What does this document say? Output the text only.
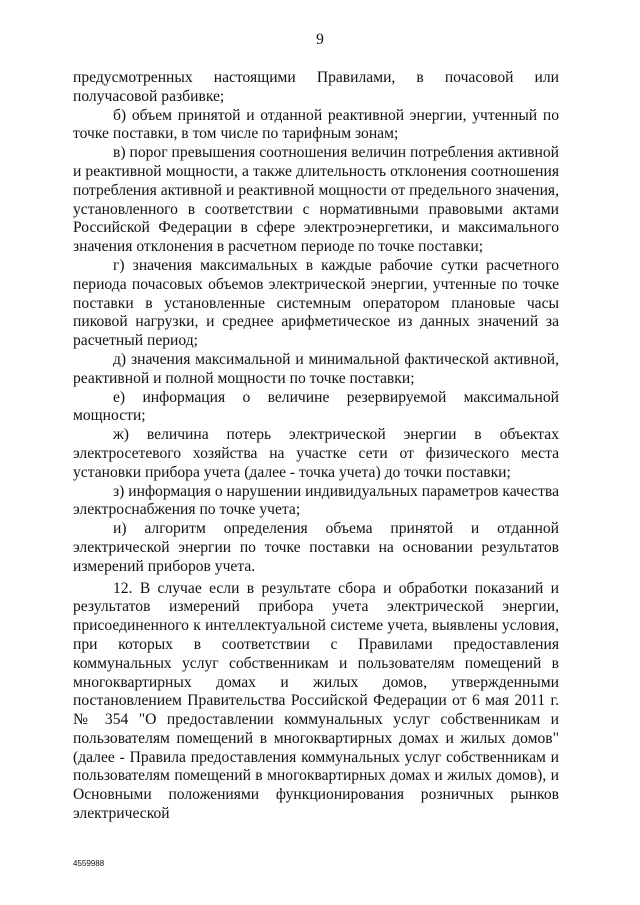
9

предусмотренных настоящими Правилами, в почасовой или получасовой разбивке;

б) объем принятой и отданной реактивной энергии, учтенный по точке поставки, в том числе по тарифным зонам;

в) порог превышения соотношения величин потребления активной и реактивной мощности, а также длительность отклонения соотношения потребления активной и реактивной мощности от предельного значения, установленного в соответствии с нормативными правовыми актами Российской Федерации в сфере электроэнергетики, и максимального значения отклонения в расчетном периоде по точке поставки;

г) значения максимальных в каждые рабочие сутки расчетного периода почасовых объемов электрической энергии, учтенные по точке поставки в установленные системным оператором плановые часы пиковой нагрузки, и среднее арифметическое из данных значений за расчетный период;

д) значения максимальной и минимальной фактической активной, реактивной и полной мощности по точке поставки;

е) информация о величине резервируемой максимальной мощности;

ж) величина потерь электрической энергии в объектах электросетевого хозяйства на участке сети от физического места установки прибора учета (далее - точка учета) до точки поставки;

з) информация о нарушении индивидуальных параметров качества электроснабжения по точке учета;

и) алгоритм определения объема принятой и отданной электрической энергии по точке поставки на основании результатов измерений приборов учета.

12. В случае если в результате сбора и обработки показаний и результатов измерений прибора учета электрической энергии, присоединенного к интеллектуальной системе учета, выявлены условия, при которых в соответствии с Правилами предоставления коммунальных услуг собственникам и пользователям помещений в многоквартирных домах и жилых домов, утвержденными постановлением Правительства Российской Федерации от 6 мая 2011 г. № 354 "О предоставлении коммунальных услуг собственникам и пользователям помещений в многоквартирных домах и жилых домов" (далее - Правила предоставления коммунальных услуг собственникам и пользователям помещений в многоквартирных домах и жилых домов), и Основными положениями функционирования розничных рынков электрической

4559988
